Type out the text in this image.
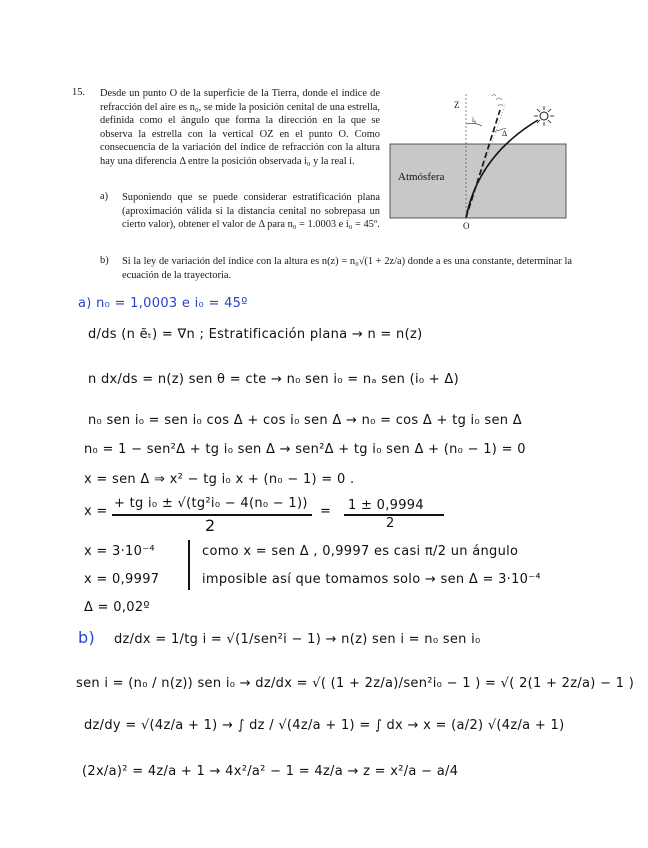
15. Desde un punto O de la superficie de la Tierra, donde el índice de refracción del aire es n₀, se mide la posición cenital de una estrella, definida como el ángulo que forma la dirección en la que se observa la estrella con la vertical OZ en el punto O. Como consecuencia de la variación del índice de refracción con la altura hay una diferencia Δ entre la posición observada i₀ y la real i.
a) Suponiendo que se puede considerar estratificación plana (aproximación válida si la distancia cenital no sobrepasa un cierto valor), obtener el valor de Δ para n₀ = 1.0003 e i₀ = 45º.
b) Si la ley de variación del índice con la altura es n(z) = n₀√(1 + 2z/a) donde a es una constante, determinar la ecuación de la trayectoria.
Atmósfera
Z
O
i₀
Δ
a) n₀ = 1,0003 e i₀ = 45º
d/ds (n ẽₜ) = ∇n ; Estratificación plana → n = n(z)
n dx/ds = n(z) sen θ = cte → n₀ sen i₀ = nₐ sen (i₀ + Δ)
n₀ sen i₀ = sen i₀ cos Δ + cos i₀ sen Δ → n₀ = cos Δ + tg i₀ sen Δ
n₀ = 1 − sen²Δ + tg i₀ sen Δ → sen²Δ + tg i₀ sen Δ + (n₀ − 1) = 0
x = sen Δ ⇒ x² − tg i₀ x + (n₀ − 1) = 0 .
x =
+ tg i₀ ± √(tg²i₀ − 4(n₀ − 1))
2
= 1 ± 0,9994
2
x = 3·10⁻⁴
x = 0,9997
como x = sen Δ , 0,9997 es casi π/2 un ángulo
imposible así que tomamos solo → sen Δ = 3·10⁻⁴
Δ = 0,02º
b) dz/dx = 1/tg i = √(1/sen²i − 1) → n(z) sen i = n₀ sen i₀
sen i = (n₀ / n(z)) sen i₀ → dz/dx = √( (1 + 2z/a)/sen²i₀ − 1 ) = √( 2(1 + 2z/a) − 1 )
dz/dy = √(4z/a + 1) → ∫ dz / √(4z/a + 1) = ∫ dx → x = (a/2) √(4z/a + 1)
(2x/a)² = 4z/a + 1 → 4x²/a² − 1 = 4z/a → z = x²/a − a/4
